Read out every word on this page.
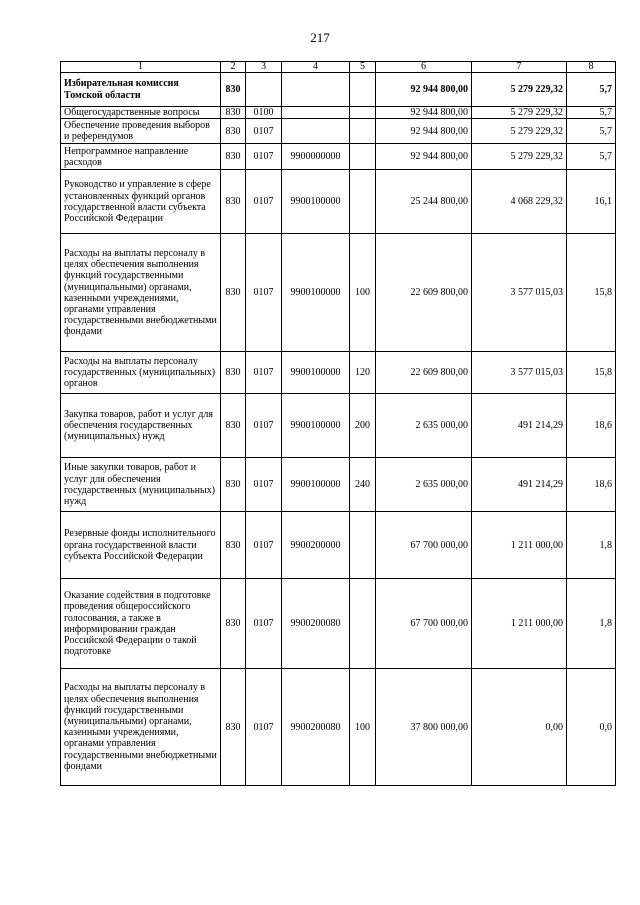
217
1	2	3	4	5	6	7	8
Избирательная комиссия Томской области	830				92 944 800,00	5 279 229,32	5,7
Общегосударственные вопросы	830	0100			92 944 800,00	5 279 229,32	5,7
Обеспечение проведения выборов и референдумов	830	0107			92 944 800,00	5 279 229,32	5,7
Непрограммное направление расходов	830	0107	9900000000		92 944 800,00	5 279 229,32	5,7
Руководство и управление в сфере установленных функций органов государственной власти субъекта Российской Федерации	830	0107	9900100000		25 244 800,00	4 068 229,32	16,1
Расходы на выплаты персоналу в целях обеспечения выполнения функций государственными (муниципальными) органами, казенными учреждениями, органами управления государственными внебюджетными фондами	830	0107	9900100000	100	22 609 800,00	3 577 015,03	15,8
Расходы на выплаты персоналу государственных (муниципальных) органов	830	0107	9900100000	120	22 609 800,00	3 577 015,03	15,8
Закупка товаров, работ и услуг для обеспечения государственных (муниципальных) нужд	830	0107	9900100000	200	2 635 000,00	491 214,29	18,6
Иные закупки товаров, работ и услуг для обеспечения государственных (муниципальных) нужд	830	0107	9900100000	240	2 635 000,00	491 214,29	18,6
Резервные фонды исполнительного органа государственной власти субъекта Российской Федерации	830	0107	9900200000		67 700 000,00	1 211 000,00	1,8
Оказание содействия в подготовке проведения общероссийского голосования, а также в информировании граждан Российской Федерации о такой подготовке	830	0107	9900200080		67 700 000,00	1 211 000,00	1,8
Расходы на выплаты персоналу в целях обеспечения выполнения функций государственными (муниципальными) органами, казенными учреждениями, органами управления государственными внебюджетными фондами	830	0107	9900200080	100	37 800 000,00	0,00	0,0
